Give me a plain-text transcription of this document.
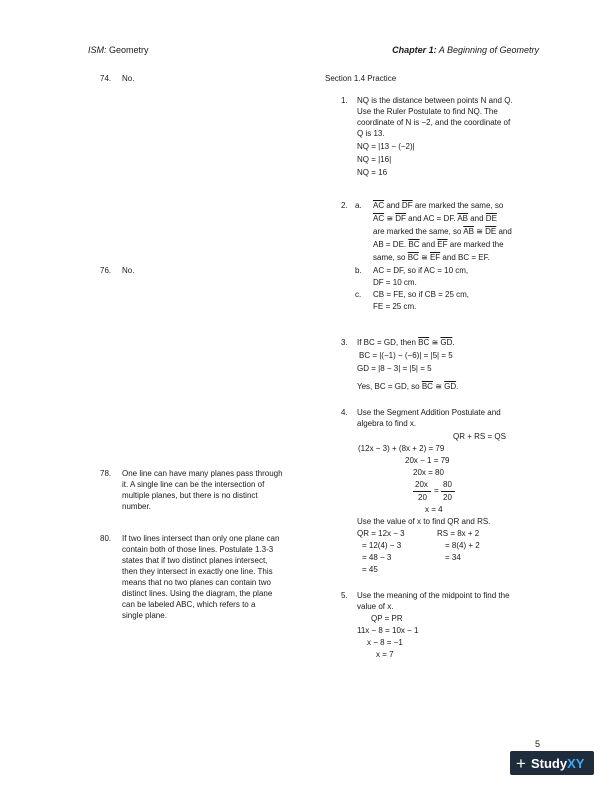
ISM: Geometry	Chapter 1: A Beginning of Geometry
74. No.
76. No.
78. One line can have many planes pass through
it. A single line can be the intersection of
multiple planes, but there is no distinct
number.
80. If two lines intersect than only one plane can
contain both of those lines. Postulate 1.3-3
states that if two distinct planes intersect,
then they intersect in exactly one line. This
means that no two planes can contain two
distinct lines. Using the diagram, the plane
can be labeled ABC, which refers to a
single plane.
Section 1.4 Practice
1. NQ is the distance between points N and Q.
Use the Ruler Postulate to find NQ. The
coordinate of N is −2, and the coordinate of
Q is 13.
NQ = |13 − (−2)|
NQ = |16|
NQ = 16
2. a. $\overline{AC}$ and $\overline{DF}$ are marked the same, so
$\overline{AC}$ ≅ $\overline{DF}$ and AC = DF. $\overline{AB}$ and $\overline{DE}$
are marked the same, so $\overline{AB}$ ≅ $\overline{DE}$ and
AB = DE. $\overline{BC}$ and $\overline{EF}$ are marked the
same, so $\overline{BC}$ ≅ $\overline{EF}$ and BC = EF.
b. AC = DF, so if AC = 10 cm,
DF = 10 cm.
c. CB = FE, so if CB = 25 cm,
FE = 25 cm.
3. If BC = GD, then $\overline{BC}$ ≅ $\overline{GD}$.
BC = |(−1) − (−6)| = |5| = 5
GD = |8 − 3| = |5| = 5
Yes, BC = GD, so $\overline{BC}$ ≅ $\overline{GD}$.
4. Use the Segment Addition Postulate and
algebra to find x.
QR + RS = QS
(12x − 3) + (8x + 2) = 79
20x − 1 = 79
20x = 80
20x
20
=
80
20
x = 4
Use the value of x to find QR and RS.
QR = 12x − 3
= 12(4) − 3
= 48 − 3
= 45
RS = 8x + 2
= 8(4) + 2
= 34
5. Use the meaning of the midpoint to find the
value of x.
QP = PR
11x − 8 = 10x − 1
x − 8 = −1
x = 7
5
+ Study XY
